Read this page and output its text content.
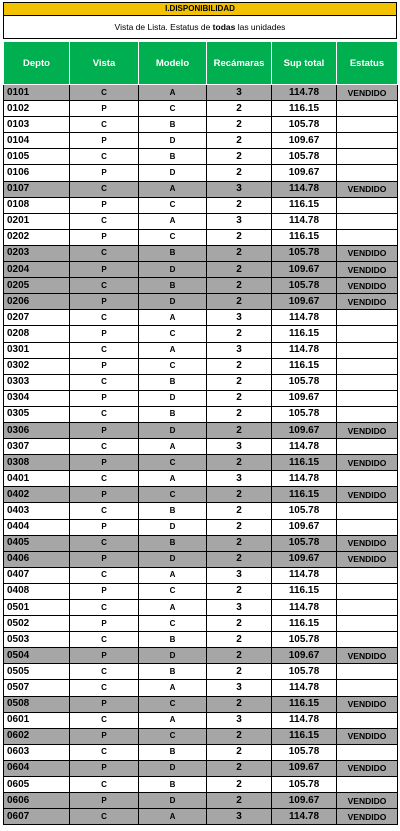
I.DISPONIBILIDAD
Vista de Lista. Estatus de todas las unidades
Depto	Vista	Modelo	Recámaras	Sup total	Estatus
0101	C	A	3	114.78	VENDIDO
0102	P	C	2	116.15	
0103	C	B	2	105.78	
0104	P	D	2	109.67	
0105	C	B	2	105.78	
0106	P	D	2	109.67	
0107	C	A	3	114.78	VENDIDO
0108	P	C	2	116.15	
0201	C	A	3	114.78	
0202	P	C	2	116.15	
0203	C	B	2	105.78	VENDIDO
0204	P	D	2	109.67	VENDIDO
0205	C	B	2	105.78	VENDIDO
0206	P	D	2	109.67	VENDIDO
0207	C	A	3	114.78	
0208	P	C	2	116.15	
0301	C	A	3	114.78	
0302	P	C	2	116.15	
0303	C	B	2	105.78	
0304	P	D	2	109.67	
0305	C	B	2	105.78	
0306	P	D	2	109.67	VENDIDO
0307	C	A	3	114.78	
0308	P	C	2	116.15	VENDIDO
0401	C	A	3	114.78	
0402	P	C	2	116.15	VENDIDO
0403	C	B	2	105.78	
0404	P	D	2	109.67	
0405	C	B	2	105.78	VENDIDO
0406	P	D	2	109.67	VENDIDO
0407	C	A	3	114.78	
0408	P	C	2	116.15	
0501	C	A	3	114.78	
0502	P	C	2	116.15	
0503	C	B	2	105.78	
0504	P	D	2	109.67	VENDIDO
0505	C	B	2	105.78	
0507	C	A	3	114.78	
0508	P	C	2	116.15	VENDIDO
0601	C	A	3	114.78	
0602	P	C	2	116.15	VENDIDO
0603	C	B	2	105.78	
0604	P	D	2	109.67	VENDIDO
0605	C	B	2	105.78	
0606	P	D	2	109.67	VENDIDO
0607	C	A	3	114.78	VENDIDO
